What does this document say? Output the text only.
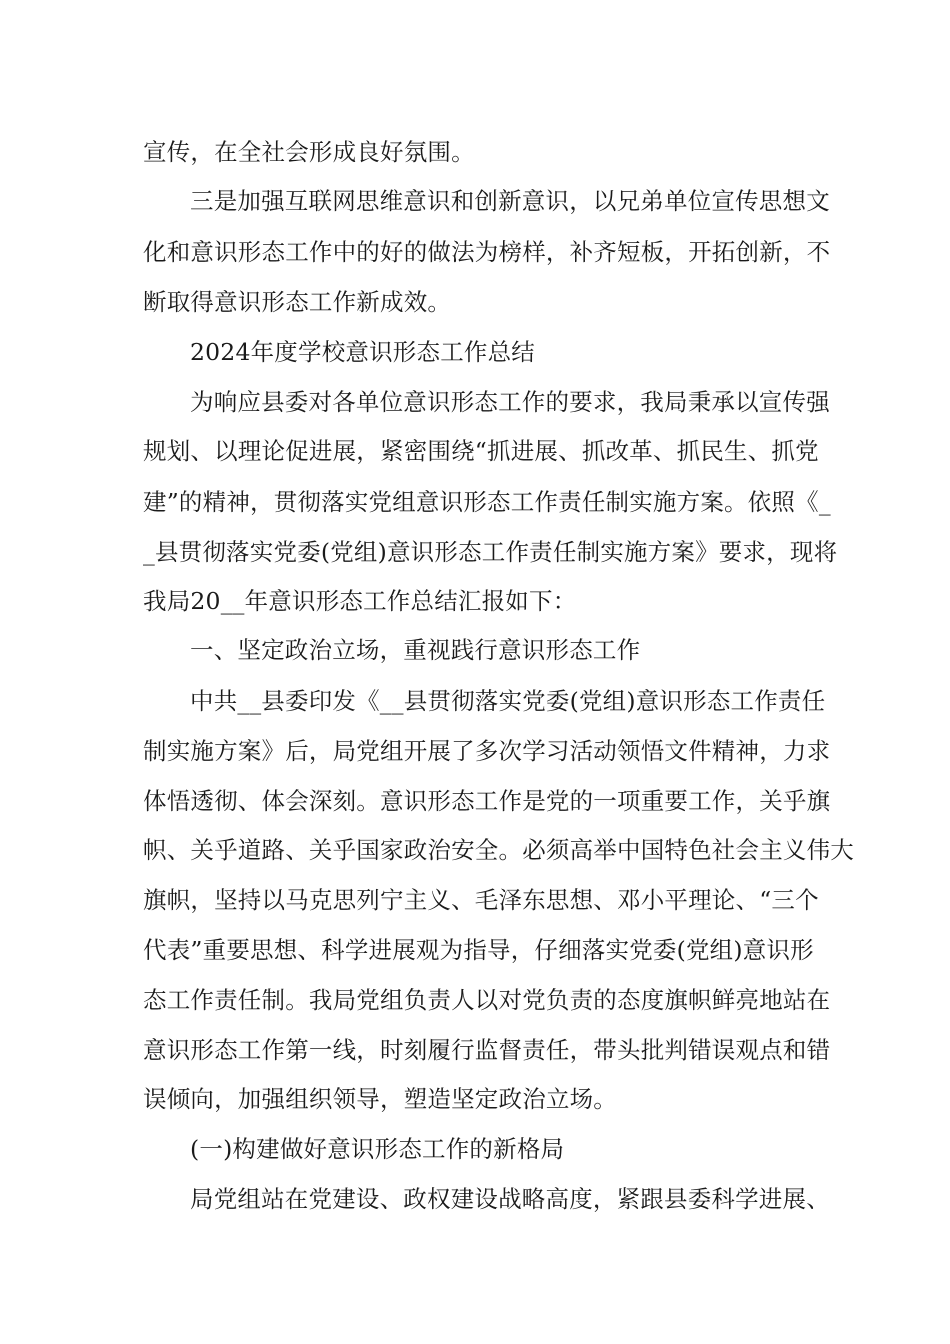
宣传，在全社会形成良好氛围。
三是加强互联网思维意识和创新意识，以兄弟单位宣传思想文
化和意识形态工作中的好的做法为榜样，补齐短板，开拓创新，不
断取得意识形态工作新成效。
2024年度学校意识形态工作总结
为响应县委对各单位意识形态工作的要求，我局秉承以宣传强
规划、以理论促进展，紧密围绕“抓进展、抓改革、抓民生、抓党
建”的精神，贯彻落实党组意识形态工作责任制实施方案。依照《_
_县贯彻落实党委(党组)意识形态工作责任制实施方案》要求，现将
我局20__年意识形态工作总结汇报如下：
一、坚定政治立场，重视践行意识形态工作
中共__县委印发《__县贯彻落实党委(党组)意识形态工作责任
制实施方案》后，局党组开展了多次学习活动领悟文件精神，力求
体悟透彻、体会深刻。意识形态工作是党的一项重要工作，关乎旗
帜、关乎道路、关乎国家政治安全。必须高举中国特色社会主义伟大
旗帜，坚持以马克思列宁主义、毛泽东思想、邓小平理论、“三个
代表”重要思想、科学进展观为指导，仔细落实党委(党组)意识形
态工作责任制。我局党组负责人以对党负责的态度旗帜鲜亮地站在
意识形态工作第一线，时刻履行监督责任，带头批判错误观点和错
误倾向，加强组织领导，塑造坚定政治立场。
(一)构建做好意识形态工作的新格局
局党组站在党建设、政权建设战略高度，紧跟县委科学进展、
